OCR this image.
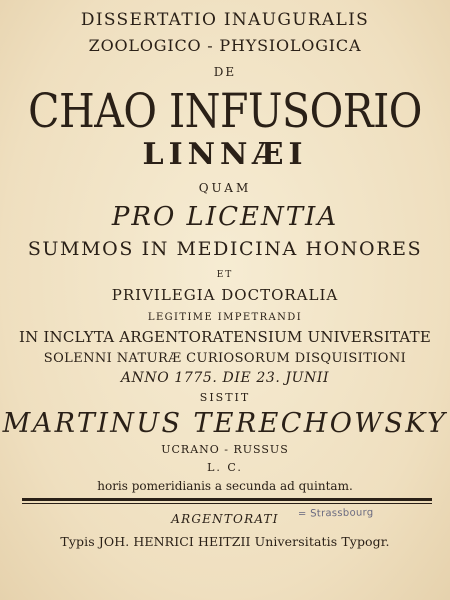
DISSERTATIO INAUGURALIS
ZOOLOGICO - PHYSIOLOGICA
DE
CHAO INFUSORIO
LINNÆI
QUAM
PRO LICENTIA
SUMMOS IN MEDICINA HONORES
ET
PRIVILEGIA DOCTORALIA
LEGITIME IMPETRANDI
IN INCLYTA ARGENTORATENSIUM UNIVERSITATE
SOLENNI NATURÆ CURIOSORUM DISQUISITIONI
ANNO 1775. DIE 23. JUNII
SISTIT
MARTINUS TERECHOWSKY
UCRANO - RUSSUS
L. C.
horis pomeridianis a secunda ad quintam.
ARGENTORATI	= Strassbourg
Typis JOH. HENRICI HEITZII Universitatis Typogr.
